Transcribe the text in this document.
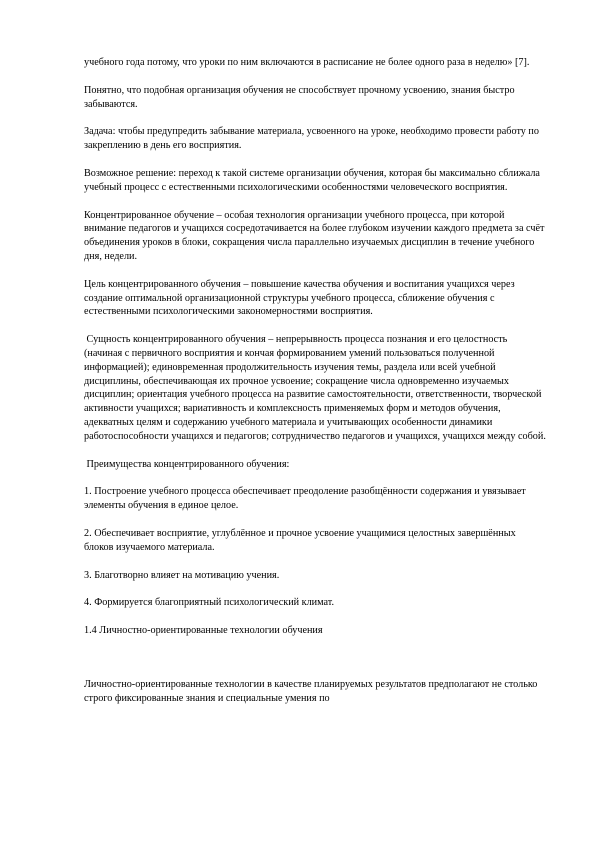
учебного года потому, что уроки по ним включаются в расписание не более одного раза в неделю» [7].

Понятно, что подобная организация обучения не способствует прочному усвоению, знания быстро забываются.

Задача: чтобы предупредить забывание материала, усвоенного на уроке, необходимо провести работу по закреплению в день его восприятия.

Возможное решение: переход к такой системе организации обучения, которая бы максимально сближала учебный процесс с естественными психологическими особенностями человеческого восприятия.

Концентрированное обучение – особая технология организации учебного процесса, при которой внимание педагогов и учащихся сосредотачивается на более глубоком изучении каждого предмета за счёт объединения уроков в блоки, сокращения числа параллельно изучаемых дисциплин в течение учебного дня, недели.

Цель концентрированного обучения – повышение качества обучения и воспитания учащихся через создание оптимальной организационной структуры учебного процесса, сближение обучения с естественными психологическими закономерностями восприятия.

Сущность концентрированного обучения – непрерывность процесса познания и его целостность (начиная с первичного восприятия и кончая формированием умений пользоваться полученной информацией); единовременная продолжительность изучения темы, раздела или всей учебной дисциплины, обеспечивающая их прочное усвоение; сокращение числа одновременно изучаемых дисциплин; ориентация учебного процесса на развитие самостоятельности, ответственности, творческой активности учащихся; вариативность и комплексность применяемых форм и методов обучения, адекватных целям и содержанию учебного материала и учитывающих особенности динамики работоспособности учащихся и педагогов; сотрудничество педагогов и учащихся, учащихся между собой.

Преимущества концентрированного обучения:

1. Построение учебного процесса обеспечивает преодоление разобщённости содержания и увязывает элементы обучения в единое целое.

2. Обеспечивает восприятие, углублённое и прочное усвоение учащимися целостных завершённых блоков изучаемого материала.

3. Благотворно влияет на мотивацию учения.

4. Формируется благоприятный психологический климат.

1.4 Личностно-ориентированные технологии обучения

Личностно-ориентированные технологии в качестве планируемых результатов предполагают не столько строго фиксированные знания и специальные умения по
